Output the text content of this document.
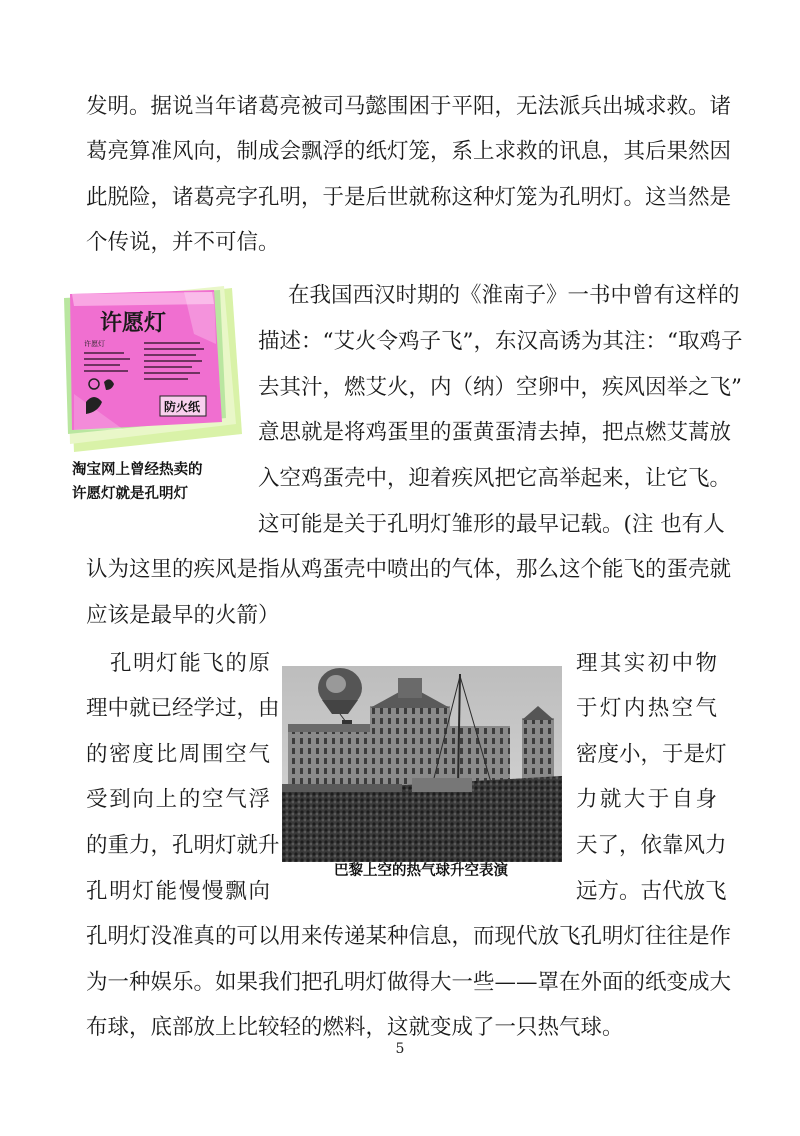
发明。据说当年诸葛亮被司马懿围困于平阳，无法派兵出城求救。诸
葛亮算准风向，制成会飘浮的纸灯笼，系上求救的讯息，其后果然因
此脱险，诸葛亮字孔明，于是后世就称这种灯笼为孔明灯。这当然是
个传说，并不可信。
许愿灯
许愿灯
防火纸
淘宝网上曾经热卖的
许愿灯就是孔明灯
在我国西汉时期的《淮南子》一书中曾有这样的
描述：“艾火令鸡子飞”，东汉高诱为其注：“取鸡子
去其汁，燃艾火，内（纳）空卵中，疾风因举之飞”
意思就是将鸡蛋里的蛋黄蛋清去掉，把点燃艾蒿放
入空鸡蛋壳中，迎着疾风把它高举起来，让它飞。
这可能是关于孔明灯雏形的最早记载。(注 也有人
认为这里的疾风是指从鸡蛋壳中喷出的气体，那么这个能飞的蛋壳就
应该是最早的火箭）
巴黎上空的热气球升空表演
孔明灯能飞的原
理中就已经学过，由
的密度比周围空气
受到向上的空气浮
的重力，孔明灯就升
孔明灯能慢慢飘向
理其实初中物
于灯内热空气
密度小，于是灯
力就大于自身
天了，依靠风力
远方。古代放飞
孔明灯没准真的可以用来传递某种信息，而现代放飞孔明灯往往是作
为一种娱乐。如果我们把孔明灯做得大一些——罩在外面的纸变成大
布球，底部放上比较轻的燃料，这就变成了一只热气球。
5
